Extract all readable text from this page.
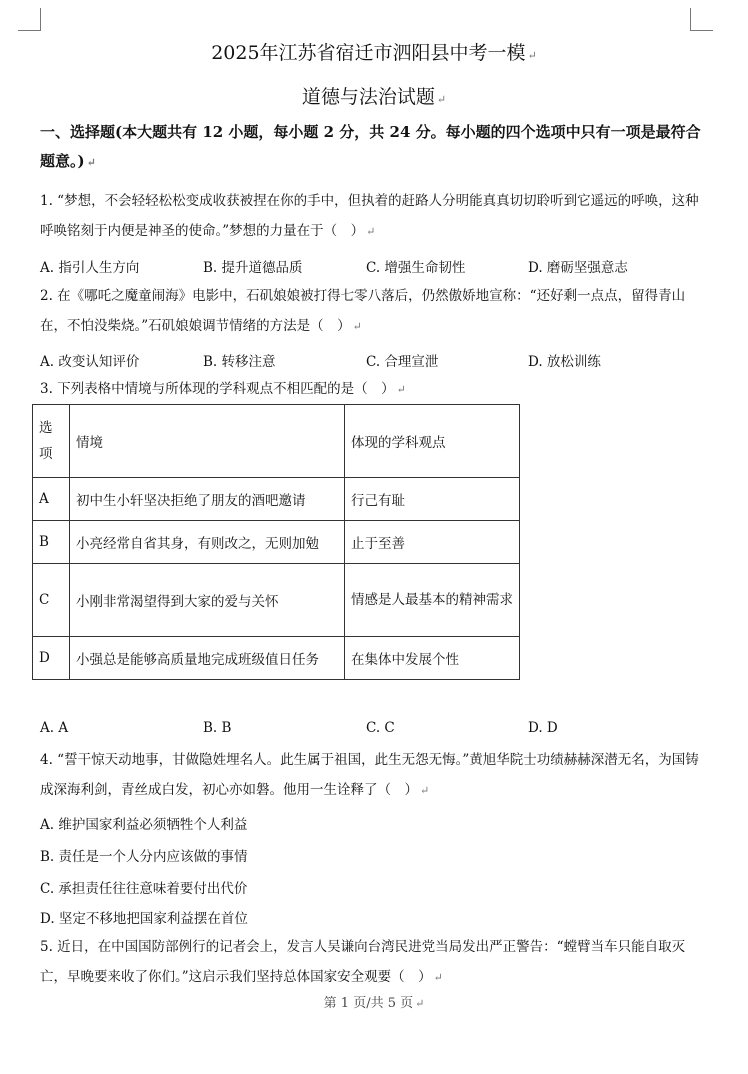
2025年江苏省宿迁市泗阳县中考一模 ↵
道德与法治试题 ↵
一、选择题(本大题共有 12 小题，每小题 2 分，共 24 分。每小题的四个选项中只有一项是最符合题意。) ↵
1. “梦想，不会轻轻松松变成收获被捏在你的手中，但执着的赶路人分明能真真切切聆听到它遥远的呼唤，这种呼唤铭刻于内便是神圣的使命。”梦想的力量在于（　） ↵
A. 指引人生方向	B. 提升道德品质	C. 增强生命韧性	D. 磨砺坚强意志
2. 在《哪吒之魔童闹海》电影中，石矶娘娘被打得七零八落后，仍然傲娇地宣称：“还好剩一点点，留得青山在，不怕没柴烧。”石矶娘娘调节情绪的方法是（　） ↵
A. 改变认知评价	B. 转移注意	C. 合理宣泄	D. 放松训练
3. 下列表格中情境与所体现的学科观点不相匹配的是（　） ↵
选项	情境	体现的学科观点
A	初中生小轩坚决拒绝了朋友的酒吧邀请	行己有耻
B	小亮经常自省其身，有则改之，无则加勉	止于至善
C	小刚非常渴望得到大家的爱与关怀	情感是人最基本的精神需求
D	小强总是能够高质量地完成班级值日任务	在集体中发展个性
A. A	B. B	C. C	D. D
4. “誓干惊天动地事，甘做隐姓埋名人。此生属于祖国，此生无怨无悔。”黄旭华院士功绩赫赫深潜无名，为国铸成深海利剑，青丝成白发，初心亦如磐。他用一生诠释了（　） ↵
A. 维护国家利益必须牺牲个人利益
B. 责任是一个人分内应该做的事情
C. 承担责任往往意味着要付出代价
D. 坚定不移地把国家利益摆在首位
5. 近日，在中国国防部例行的记者会上，发言人吴谦向台湾民进党当局发出严正警告：“螳臂当车只能自取灭亡，早晚要来收了你们。”这启示我们坚持总体国家安全观要（　） ↵
第 1 页/共 5 页 ↵
